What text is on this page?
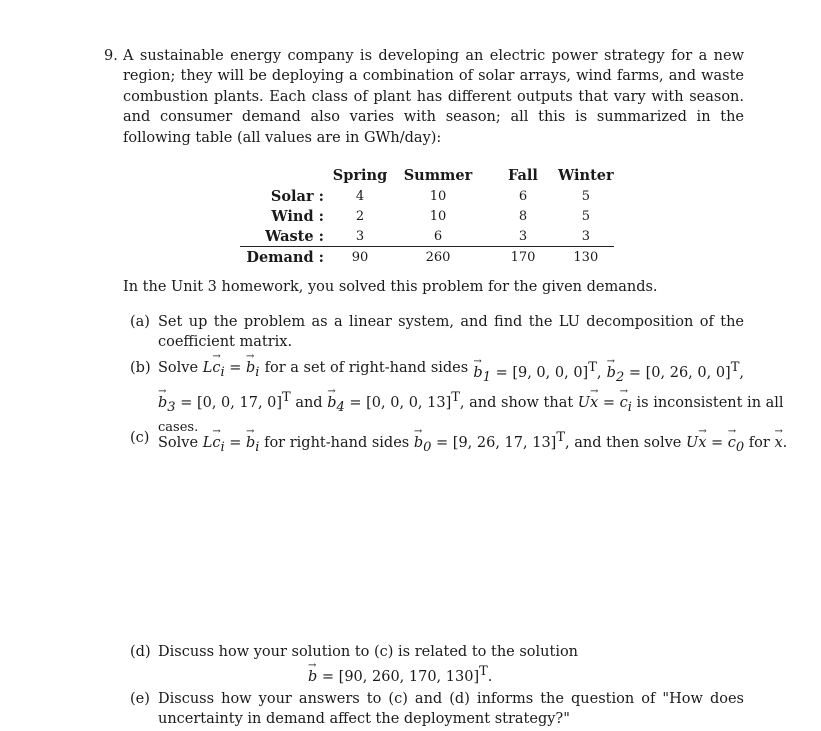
9. A sustainable energy company is developing an electric power strategy for a new region; they will be deploying a combination of solar arrays, wind farms, and waste combustion plants. Each class of plant has different outputs that vary with season. and consumer demand also varies with season; all this is summarized in the following table (all values are in GWh/day):
	Spring	Summer	Fall	Winter
Solar :	4	10	6	5
Wind :	2	10	8	5
Waste :	3	6	3	3
Demand :	90	260	170	130
In the Unit 3 homework, you solved this problem for the given demands.
(a) Set up the problem as a linear system, and find the LU decomposition of the coefficient matrix.
(b) Solve $L\to c_i$ = → $b_i$ for a set of right-hand sides → $b_1 = [9$, 0, 0, 0]$^T$, → $b_2 = [0$, 26, 0, 0]$^T$,
→ $b_3 = [0$, 0, 17, 0]$^T$ and → $b_4 = [0$, 0, 0, 13]$^T$, and show that U→ x = → $c_i$ is inconsistent in all
cases.
(c) Solve $L\to c_i$ = → $b_i$ for right-hand sides → $b_0 = [9$, 26, 17, 13]$^T$, and then solve U→ x = → $c_0$ for → x.
(d) Discuss how your solution to (c) is related to the solution
→ b = [90, 260, 170, 130]$^T$.
(e) Discuss how your answers to (c) and (d) informs the question of "How does uncertainty in demand affect the deployment strategy?"
